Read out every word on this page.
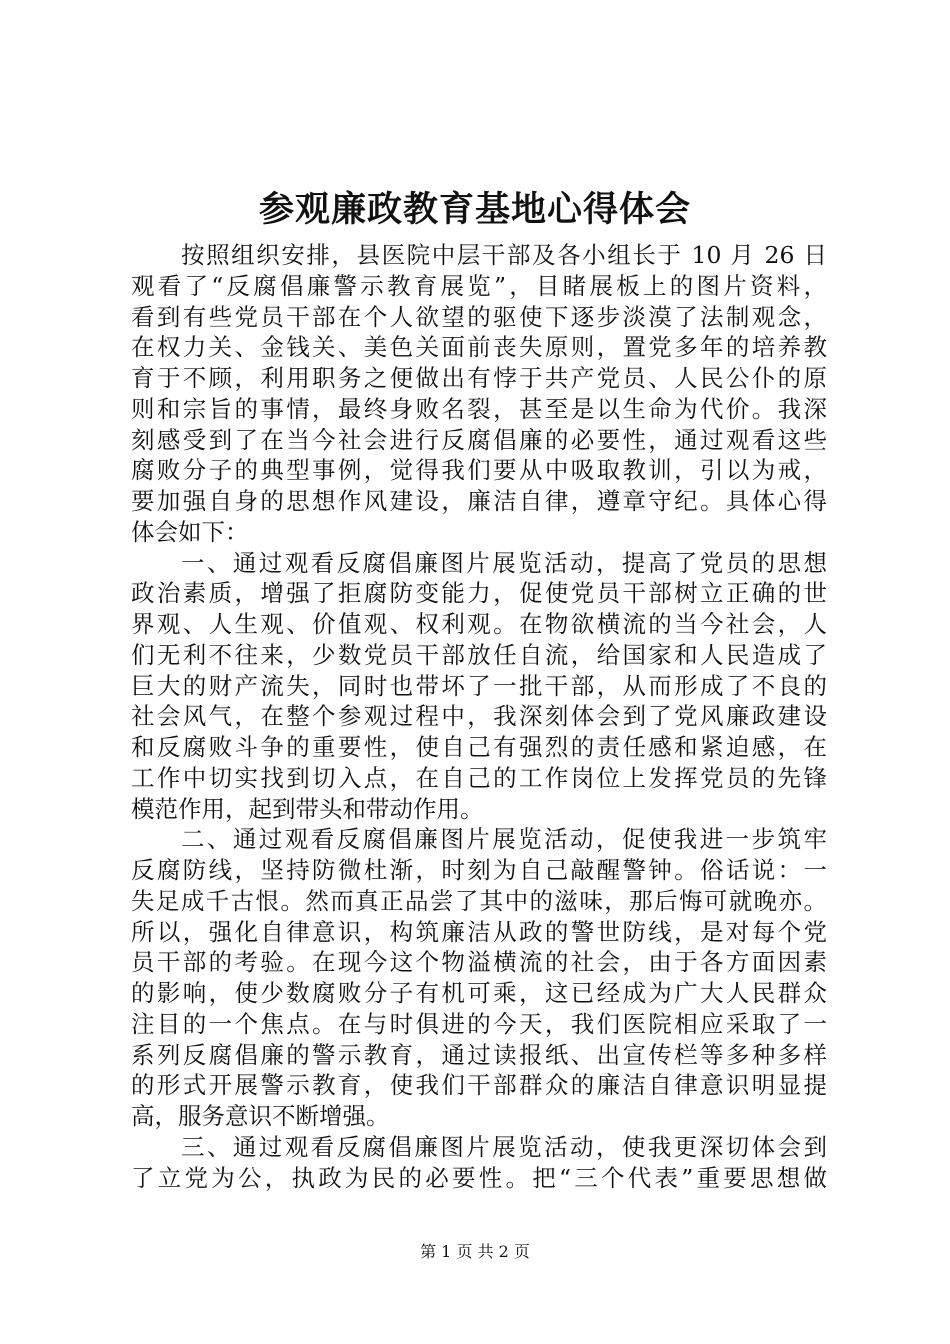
参观廉政教育基地心得体会
按照组织安排，县医院中层干部及各小组长于 10 月 26 日
观看了“反腐倡廉警示教育展览”，目睹展板上的图片资料，
看到有些党员干部在个人欲望的驱使下逐步淡漠了法制观念，
在权力关、金钱关、美色关面前丧失原则，置党多年的培养教
育于不顾，利用职务之便做出有悖于共产党员、人民公仆的原
则和宗旨的事情，最终身败名裂，甚至是以生命为代价。我深
刻感受到了在当今社会进行反腐倡廉的必要性，通过观看这些
腐败分子的典型事例，觉得我们要从中吸取教训，引以为戒，
要加强自身的思想作风建设，廉洁自律，遵章守纪。具体心得
体会如下：
一、通过观看反腐倡廉图片展览活动，提高了党员的思想
政治素质，增强了拒腐防变能力，促使党员干部树立正确的世
界观、人生观、价值观、权利观。在物欲横流的当今社会，人
们无利不往来，少数党员干部放任自流，给国家和人民造成了
巨大的财产流失，同时也带坏了一批干部，从而形成了不良的
社会风气，在整个参观过程中，我深刻体会到了党风廉政建设
和反腐败斗争的重要性，使自己有强烈的责任感和紧迫感，在
工作中切实找到切入点，在自己的工作岗位上发挥党员的先锋
模范作用，起到带头和带动作用。
二、通过观看反腐倡廉图片展览活动，促使我进一步筑牢
反腐防线，坚持防微杜渐，时刻为自己敲醒警钟。俗话说：一
失足成千古恨。然而真正品尝了其中的滋味，那后悔可就晚亦。
所以，强化自律意识，构筑廉洁从政的警世防线，是对每个党
员干部的考验。在现今这个物溢横流的社会，由于各方面因素
的影响，使少数腐败分子有机可乘，这已经成为广大人民群众
注目的一个焦点。在与时俱进的今天，我们医院相应采取了一
系列反腐倡廉的警示教育，通过读报纸、出宣传栏等多种多样
的形式开展警示教育，使我们干部群众的廉洁自律意识明显提
高，服务意识不断增强。
三、通过观看反腐倡廉图片展览活动，使我更深切体会到
了立党为公，执政为民的必要性。把“三个代表”重要思想做

第 1 页 共 2 页
